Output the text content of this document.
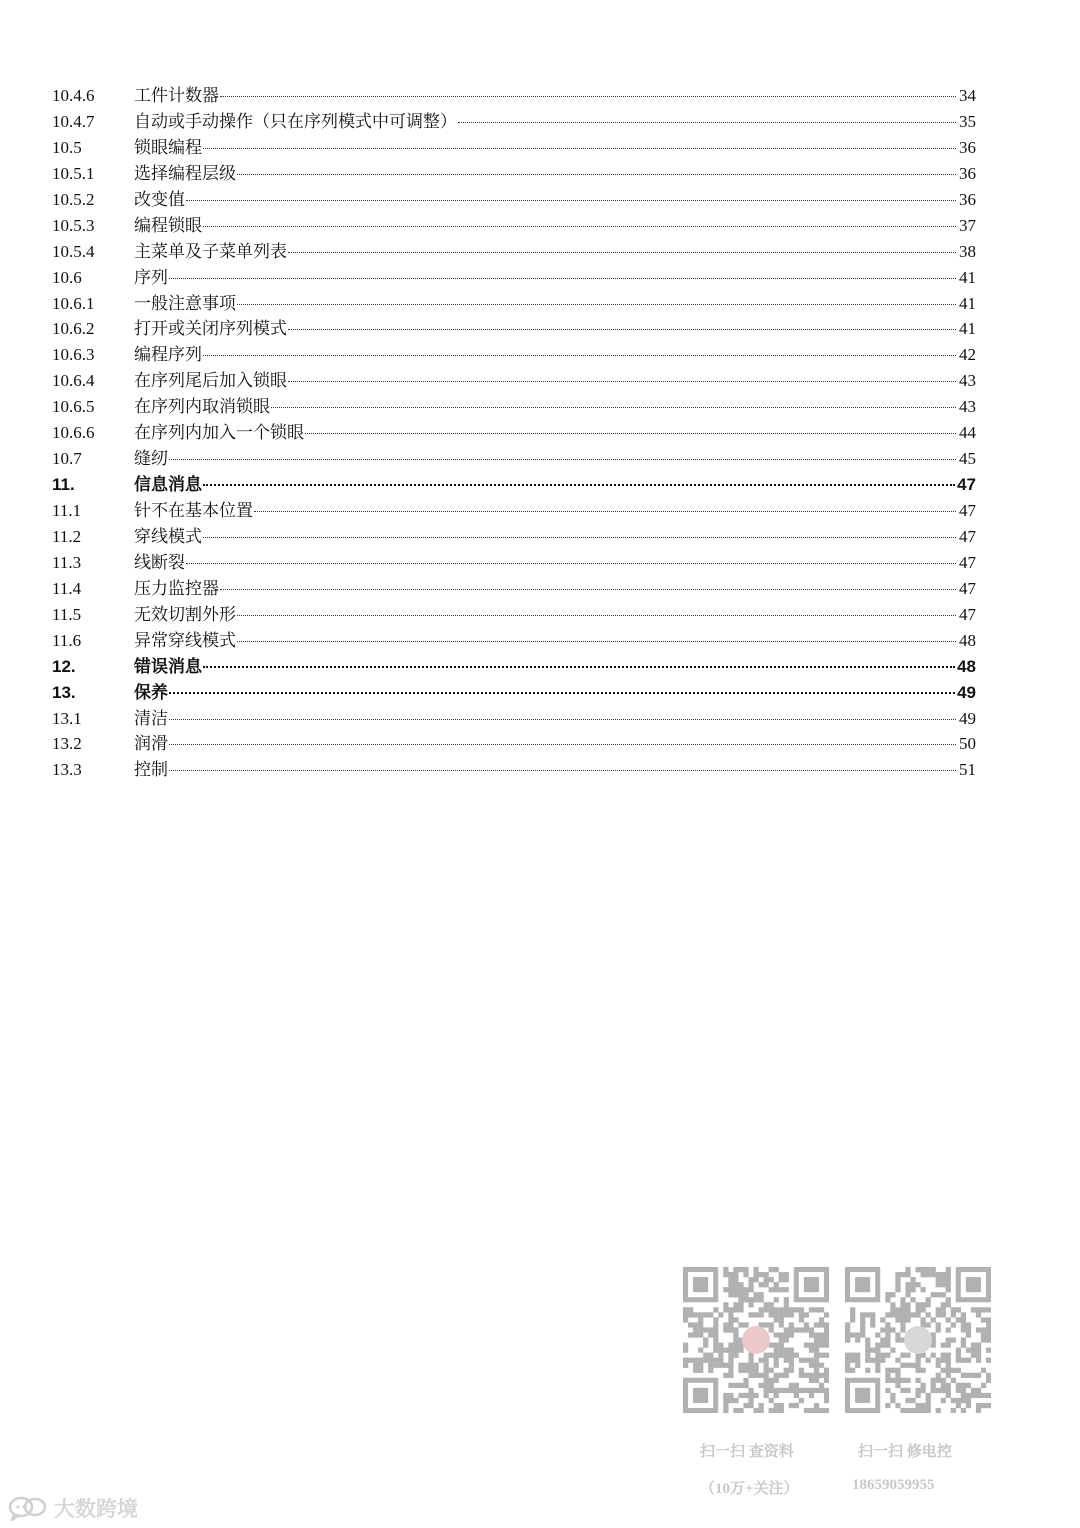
10.4.6	工件计数器	34
10.4.7	自动或手动操作（只在序列模式中可调整）	35
10.5	锁眼编程	36
10.5.1	选择编程层级	36
10.5.2	改变值	36
10.5.3	编程锁眼	37
10.5.4	主菜单及子菜单列表	38
10.6	序列	41
10.6.1	一般注意事项	41
10.6.2	打开或关闭序列模式	41
10.6.3	编程序列	42
10.6.4	在序列尾后加入锁眼	43
10.6.5	在序列内取消锁眼	43
10.6.6	在序列内加入一个锁眼	44
10.7	缝纫	45
11.	信息消息	47
11.1	针不在基本位置	47
11.2	穿线模式	47
11.3	线断裂	47
11.4	压力监控器	47
11.5	无效切割外形	47
11.6	异常穿线模式	48
12.	错误消息	48
13.	保养	49
13.1	清洁	49
13.2	润滑	50
13.3	控制	51
扫一扫 查资料
（10万+关注）
扫一扫 修电控
18659059955
大数跨境
